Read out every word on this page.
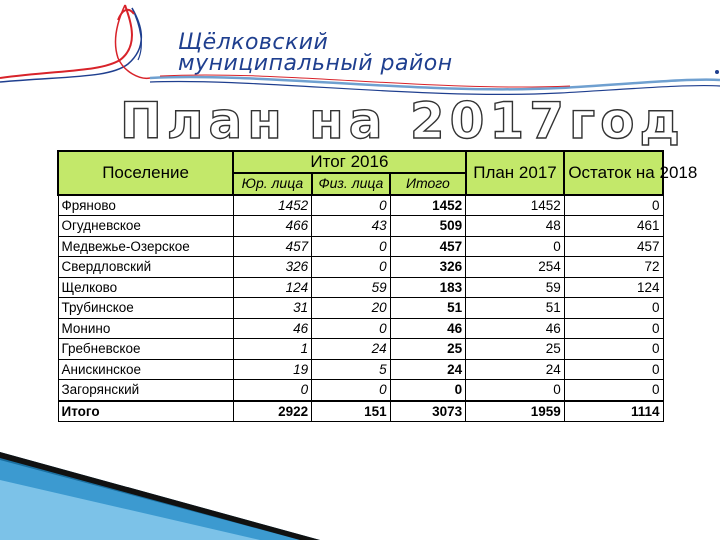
Щёлковский
муниципальный район
План на 2017год
Поселение	Итог 2016			План 2017	Остаток на 2018
	Юр. лица	Физ. лица	Итого		
Фряново	1452	0	1452	1452	0
Огудневское	466	43	509	48	461
Медвежье-Озерское	457	0	457	0	457
Свердловский	326	0	326	254	72
Щелково	124	59	183	59	124
Трубинское	31	20	51	51	0
Монино	46	0	46	46	0
Гребневское	1	24	25	25	0
Анискинское	19	5	24	24	0
Загорянский	0	0	0	0	0
Итого	2922	151	3073	1959	1114
